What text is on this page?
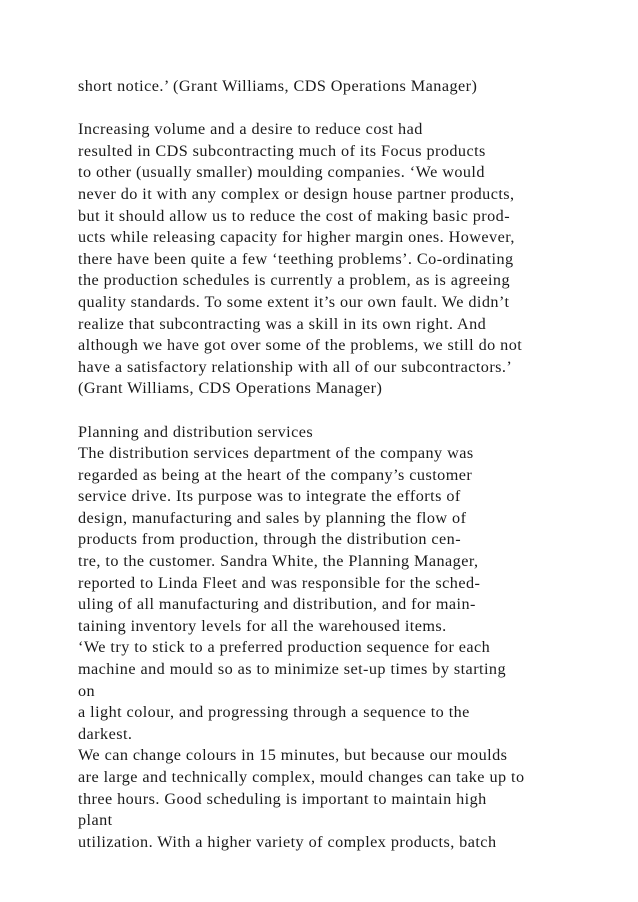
short notice.’ (Grant Williams, CDS Operations Manager)
Increasing volume and a desire to reduce cost had
resulted in CDS subcontracting much of its Focus products
to other (usually smaller) moulding companies. ‘We would
never do it with any complex or design house partner products,
but it should allow us to reduce the cost of making basic prod-
ucts while releasing capacity for higher margin ones. However,
there have been quite a few ‘teething problems’. Co-ordinating
the production schedules is currently a problem, as is agreeing
quality standards. To some extent it’s our own fault. We didn’t
realize that subcontracting was a skill in its own right. And
although we have got over some of the problems, we still do not
have a satisfactory relationship with all of our subcontractors.’
(Grant Williams, CDS Operations Manager)
Planning and distribution services
The distribution services department of the company was
regarded as being at the heart of the company’s customer
service drive. Its purpose was to integrate the efforts of
design, manufacturing and sales by planning the flow of
products from production, through the distribution cen-
tre, to the customer. Sandra White, the Planning Manager,
reported to Linda Fleet and was responsible for the sched-
uling of all manufacturing and distribution, and for main-
taining inventory levels for all the warehoused items.
‘We try to stick to a preferred production sequence for each
machine and mould so as to minimize set-up times by starting
on
a light colour, and progressing through a sequence to the
darkest.
We can change colours in 15 minutes, but because our moulds
are large and technically complex, mould changes can take up to
three hours. Good scheduling is important to maintain high
plant
utilization. With a higher variety of complex products, batch
